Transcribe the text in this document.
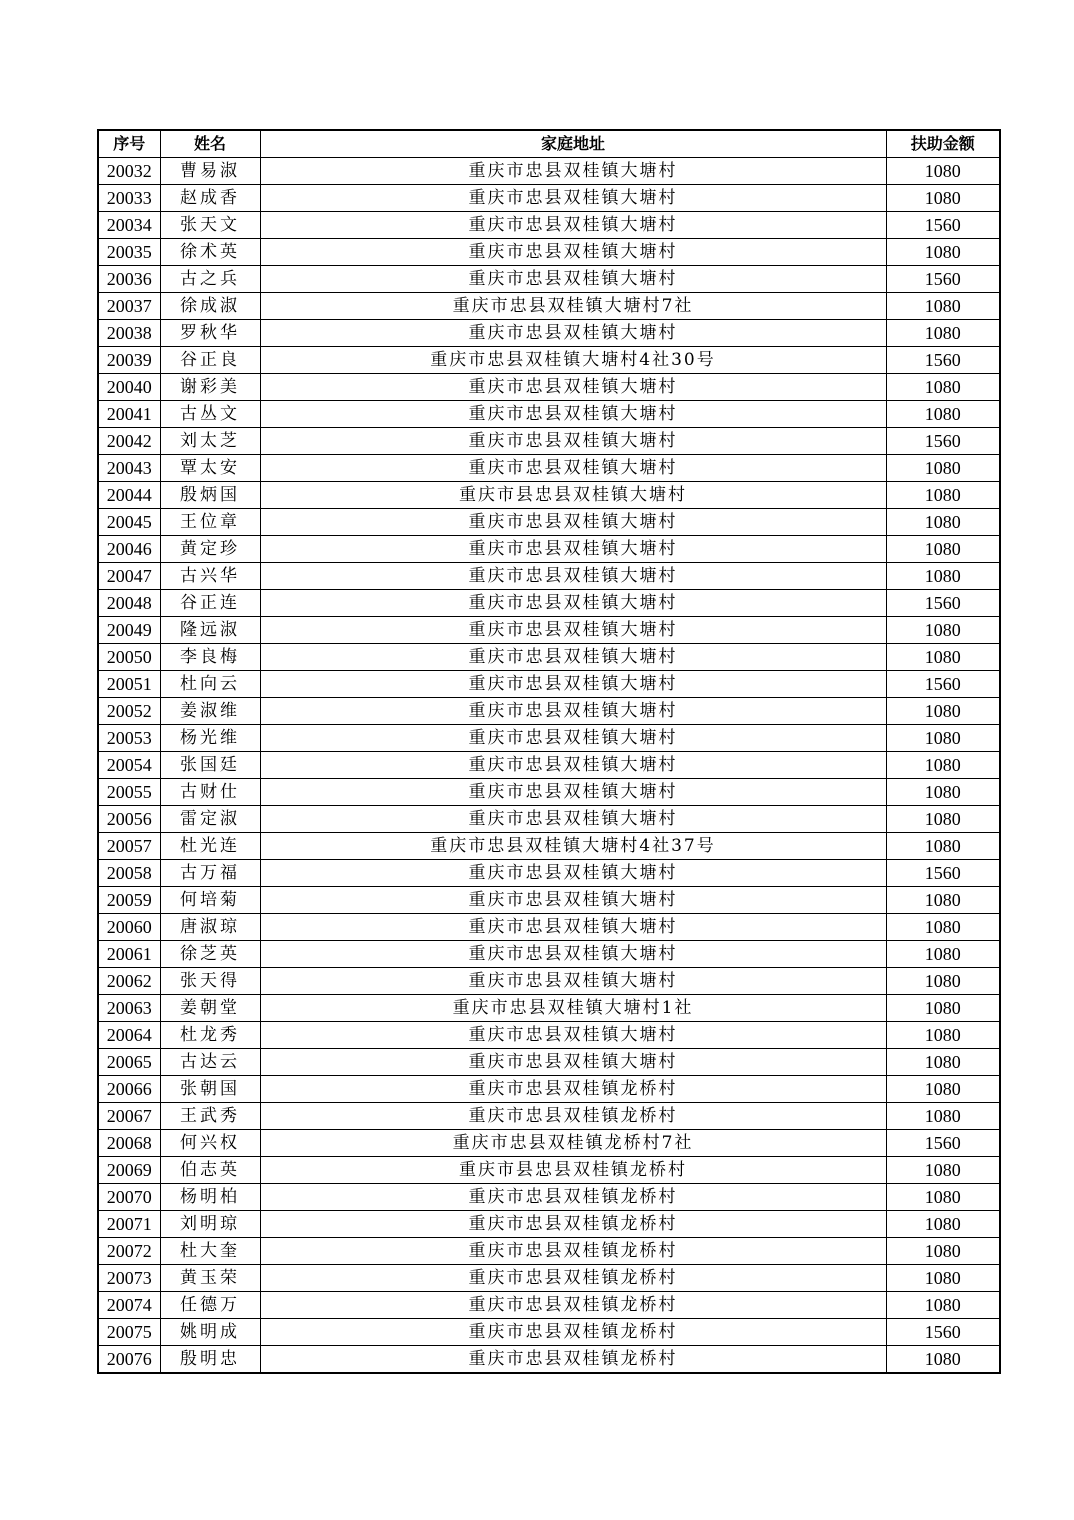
序号	姓名	家庭地址	扶助金额
20032	曹易淑	重庆市忠县双桂镇大塘村	1080
20033	赵成香	重庆市忠县双桂镇大塘村	1080
20034	张天文	重庆市忠县双桂镇大塘村	1560
20035	徐术英	重庆市忠县双桂镇大塘村	1080
20036	古之兵	重庆市忠县双桂镇大塘村	1560
20037	徐成淑	重庆市忠县双桂镇大塘村7社	1080
20038	罗秋华	重庆市忠县双桂镇大塘村	1080
20039	谷正良	重庆市忠县双桂镇大塘村4社30号	1560
20040	谢彩美	重庆市忠县双桂镇大塘村	1080
20041	古丛文	重庆市忠县双桂镇大塘村	1080
20042	刘太芝	重庆市忠县双桂镇大塘村	1560
20043	覃太安	重庆市忠县双桂镇大塘村	1080
20044	殷炳国	重庆市县忠县双桂镇大塘村	1080
20045	王位章	重庆市忠县双桂镇大塘村	1080
20046	黄定珍	重庆市忠县双桂镇大塘村	1080
20047	古兴华	重庆市忠县双桂镇大塘村	1080
20048	谷正连	重庆市忠县双桂镇大塘村	1560
20049	隆远淑	重庆市忠县双桂镇大塘村	1080
20050	李良梅	重庆市忠县双桂镇大塘村	1080
20051	杜向云	重庆市忠县双桂镇大塘村	1560
20052	姜淑维	重庆市忠县双桂镇大塘村	1080
20053	杨光维	重庆市忠县双桂镇大塘村	1080
20054	张国廷	重庆市忠县双桂镇大塘村	1080
20055	古财仕	重庆市忠县双桂镇大塘村	1080
20056	雷定淑	重庆市忠县双桂镇大塘村	1080
20057	杜光连	重庆市忠县双桂镇大塘村4社37号	1080
20058	古万福	重庆市忠县双桂镇大塘村	1560
20059	何培菊	重庆市忠县双桂镇大塘村	1080
20060	唐淑琼	重庆市忠县双桂镇大塘村	1080
20061	徐芝英	重庆市忠县双桂镇大塘村	1080
20062	张天得	重庆市忠县双桂镇大塘村	1080
20063	姜朝堂	重庆市忠县双桂镇大塘村1社	1080
20064	杜龙秀	重庆市忠县双桂镇大塘村	1080
20065	古达云	重庆市忠县双桂镇大塘村	1080
20066	张朝国	重庆市忠县双桂镇龙桥村	1080
20067	王武秀	重庆市忠县双桂镇龙桥村	1080
20068	何兴权	重庆市忠县双桂镇龙桥村7社	1560
20069	伯志英	重庆市县忠县双桂镇龙桥村	1080
20070	杨明柏	重庆市忠县双桂镇龙桥村	1080
20071	刘明琼	重庆市忠县双桂镇龙桥村	1080
20072	杜大奎	重庆市忠县双桂镇龙桥村	1080
20073	黄玉荣	重庆市忠县双桂镇龙桥村	1080
20074	任德万	重庆市忠县双桂镇龙桥村	1080
20075	姚明成	重庆市忠县双桂镇龙桥村	1560
20076	殷明忠	重庆市忠县双桂镇龙桥村	1080
